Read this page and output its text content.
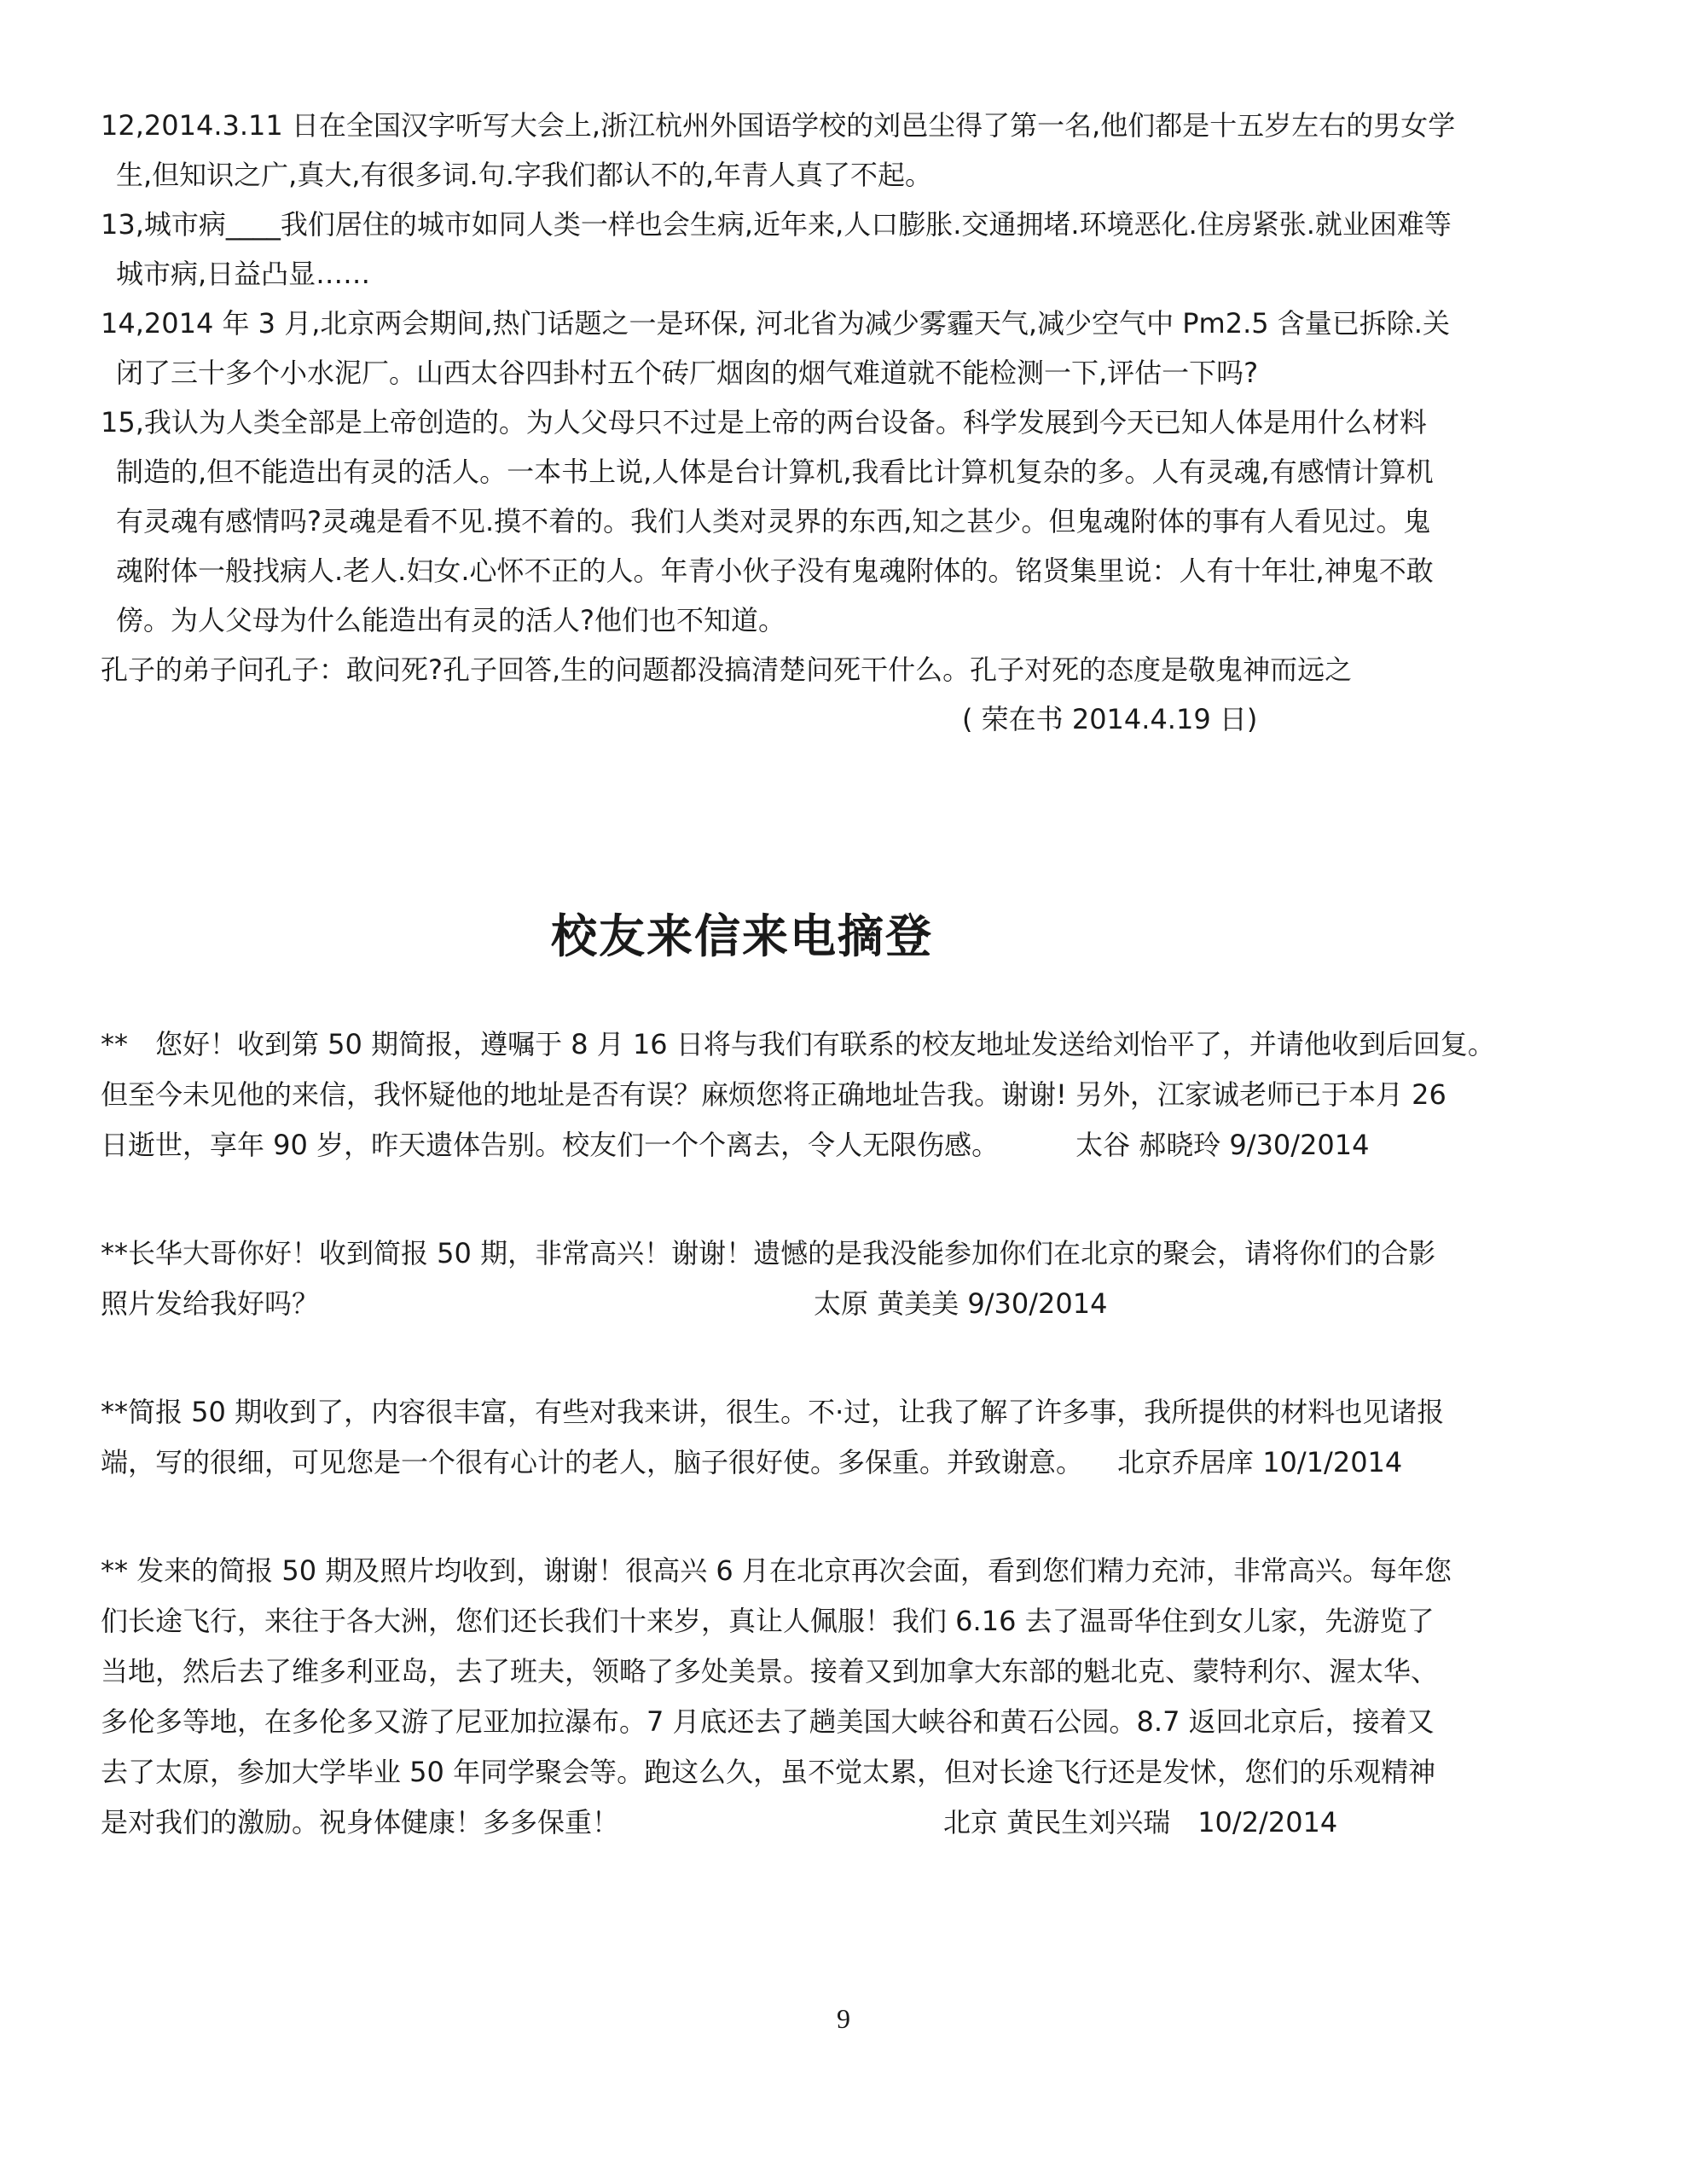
12,2014.3.11 日在全国汉字听写大会上,浙江杭州外国语学校的刘邑尘得了第一名,他们都是十五岁左右的男女学
生,但知识之广,真大,有很多词.句.字我们都认不的,年青人真了不起。
13,城市病____我们居住的城市如同人类一样也会生病,近年来,人口膨胀.交通拥堵.环境恶化.住房紧张.就业困难等
城市病,日益凸显……
14,2014 年 3 月,北京两会期间,热门话题之一是环保, 河北省为减少雾霾天气,减少空气中 Pm2.5 含量已拆除.关
闭了三十多个小水泥厂。山西太谷四卦村五个砖厂烟囱的烟气难道就不能检测一下,评估一下吗?
15,我认为人类全部是上帝创造的。为人父母只不过是上帝的两台设备。科学发展到今天已知人体是用什么材料
制造的,但不能造出有灵的活人。一本书上说,人体是台计算机,我看比计算机复杂的多。人有灵魂,有感情计算机
有灵魂有感情吗?灵魂是看不见.摸不着的。我们人类对灵界的东西,知之甚少。但鬼魂附体的事有人看见过。鬼
魂附体一般找病人.老人.妇女.心怀不正的人。年青小伙子没有鬼魂附体的。铭贤集里说：人有十年壮,神鬼不敢
傍。为人父母为什么能造出有灵的活人?他们也不知道。
孔子的弟子问孔子：敢问死?孔子回答,生的问题都没搞清楚问死干什么。孔子对死的态度是敬鬼神而远之
( 荣在书 2014.4.19 日)
校友来信来电摘登
**　您好！收到第 50 期简报，遵嘱于 8 月 16 日将与我们有联系的校友地址发送给刘怡平了，并请他收到后回复。
但至今未见他的来信，我怀疑他的地址是否有误？麻烦您将正确地址告我。谢谢! 另外，江家诚老师已于本月 26
日逝世，享年 90 岁，昨天遗体告别。校友们一个个离去，令人无限伤感。	太谷 郝晓玲 9/30/2014
**长华大哥你好！收到简报 50 期，非常高兴！谢谢！遗憾的是我没能参加你们在北京的聚会，请将你们的合影
照片发给我好吗？	太原 黄美美 9/30/2014
**简报 50 期收到了，内容很丰富，有些对我来讲，很生。不·过，让我了解了许多事，我所提供的材料也见诸报
端，写的很细，可见您是一个很有心计的老人，脑子很好使。多保重。并致谢意。 北京乔居庠 10/1/2014
** 发来的简报 50 期及照片均收到，谢谢！很高兴 6 月在北京再次会面，看到您们精力充沛，非常高兴。每年您
们长途飞行，来往于各大洲，您们还长我们十来岁，真让人佩服！我们 6.16 去了温哥华住到女儿家，先游览了
当地，然后去了维多利亚岛，去了班夫，领略了多处美景。接着又到加拿大东部的魁北克、蒙特利尔、渥太华、
多伦多等地，在多伦多又游了尼亚加拉瀑布。7 月底还去了趟美国大峡谷和黄石公园。8.7 返回北京后，接着又
去了太原，参加大学毕业 50 年同学聚会等。跑这么久，虽不觉太累，但对长途飞行还是发怵，您们的乐观精神
是对我们的激励。祝身体健康！多多保重！	北京 黄民生刘兴瑞　10/2/2014
9
